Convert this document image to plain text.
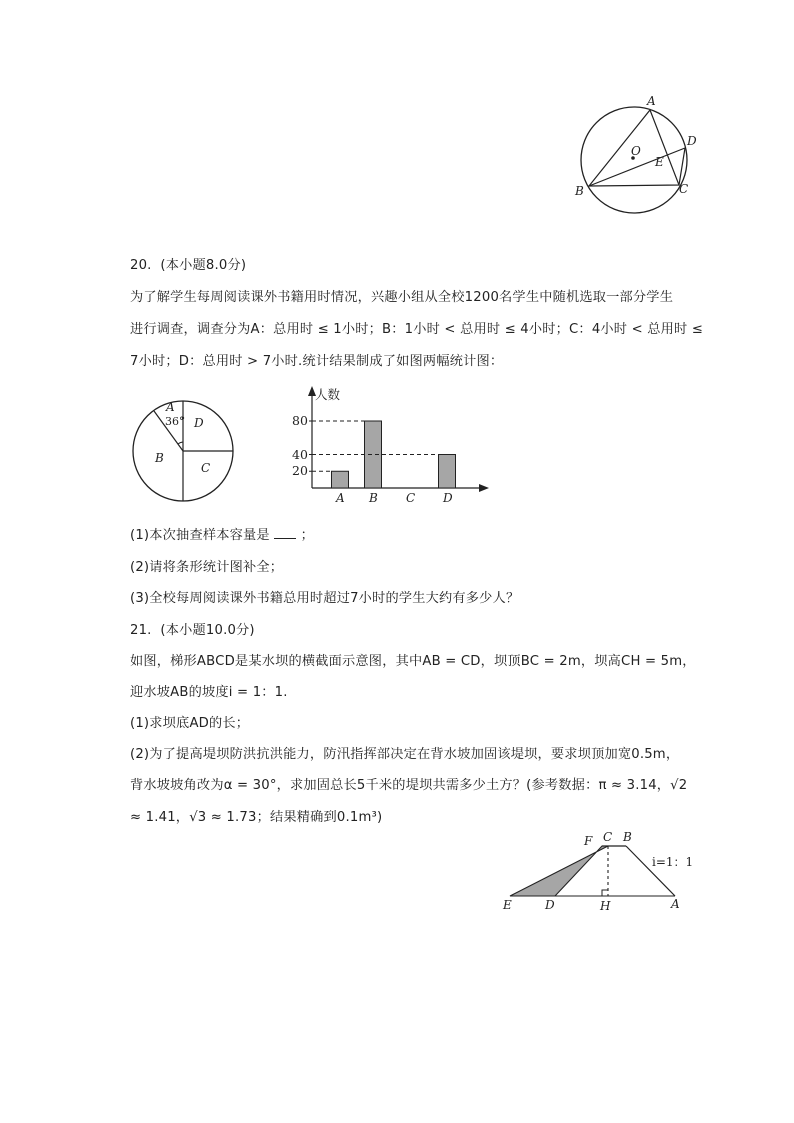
A
D
O
E
B	C
20. (本小题8.0分)
为了解学生每周阅读课外书籍用时情况，兴趣小组从全校1200名学生中随机选取一部分学生
进行调查，调查分为A：总用时 ≤ 1小时；B：1小时 < 总用时 ≤ 4小时；C：4小时 < 总用时 ≤
7小时；D：总用时 > 7小时.统计结果制成了如图两幅统计图：
A
36° D
B
C
人数
20
40
80
A B C D
(1)本次抽查样本容量是 ；
(2)请将条形统计图补全；
(3)全校每周阅读课外书籍总用时超过7小时的学生大约有多少人？
21. (本小题10.0分)
如图，梯形ABCD是某水坝的横截面示意图，其中AB = CD，坝顶BC = 2m，坝高CH = 5m，
迎水坡AB的坡度i = 1：1.
(1)求坝底AD的长；
(2)为了提高堤坝防洪抗洪能力，防汛指挥部决定在背水坡加固该堤坝，要求坝顶加宽0.5m，
背水坡坡角改为α = 30°，求加固总长5千米的堤坝共需多少土方？(参考数据：π ≈ 3.14，√2
≈ 1.41，√3 ≈ 1.73；结果精确到0.1m³)
F C B
i=1：1
E	D	H	A
